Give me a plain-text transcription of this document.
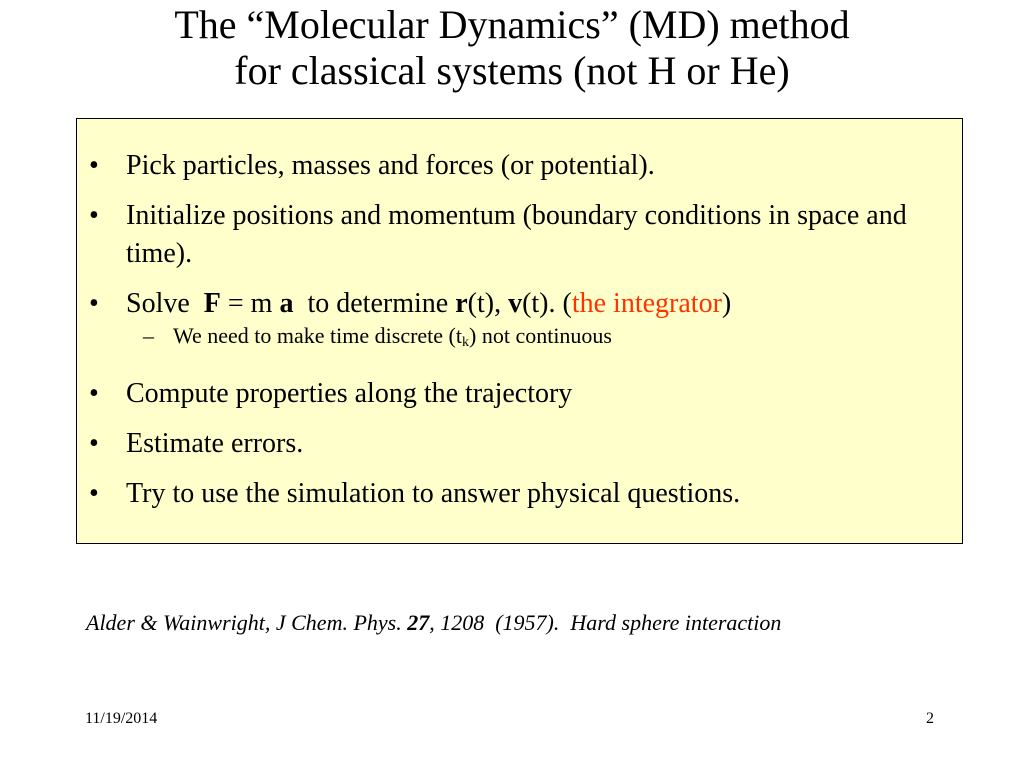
The “Molecular Dynamics” (MD) method
for classical systems (not H or He)
• Pick particles, masses and forces (or potential).
• Initialize positions and momentum (boundary conditions in space and time).
• Solve  F = m a  to determine r(t), v(t). (the integrator)
– We need to make time discrete $(t_k)$ not continuous
• Compute properties along the trajectory
• Estimate errors.
• Try to use the simulation to answer physical questions.
Alder & Wainwright, J Chem. Phys. 27, 1208  (1957).  Hard sphere interaction
11/19/2014	2
